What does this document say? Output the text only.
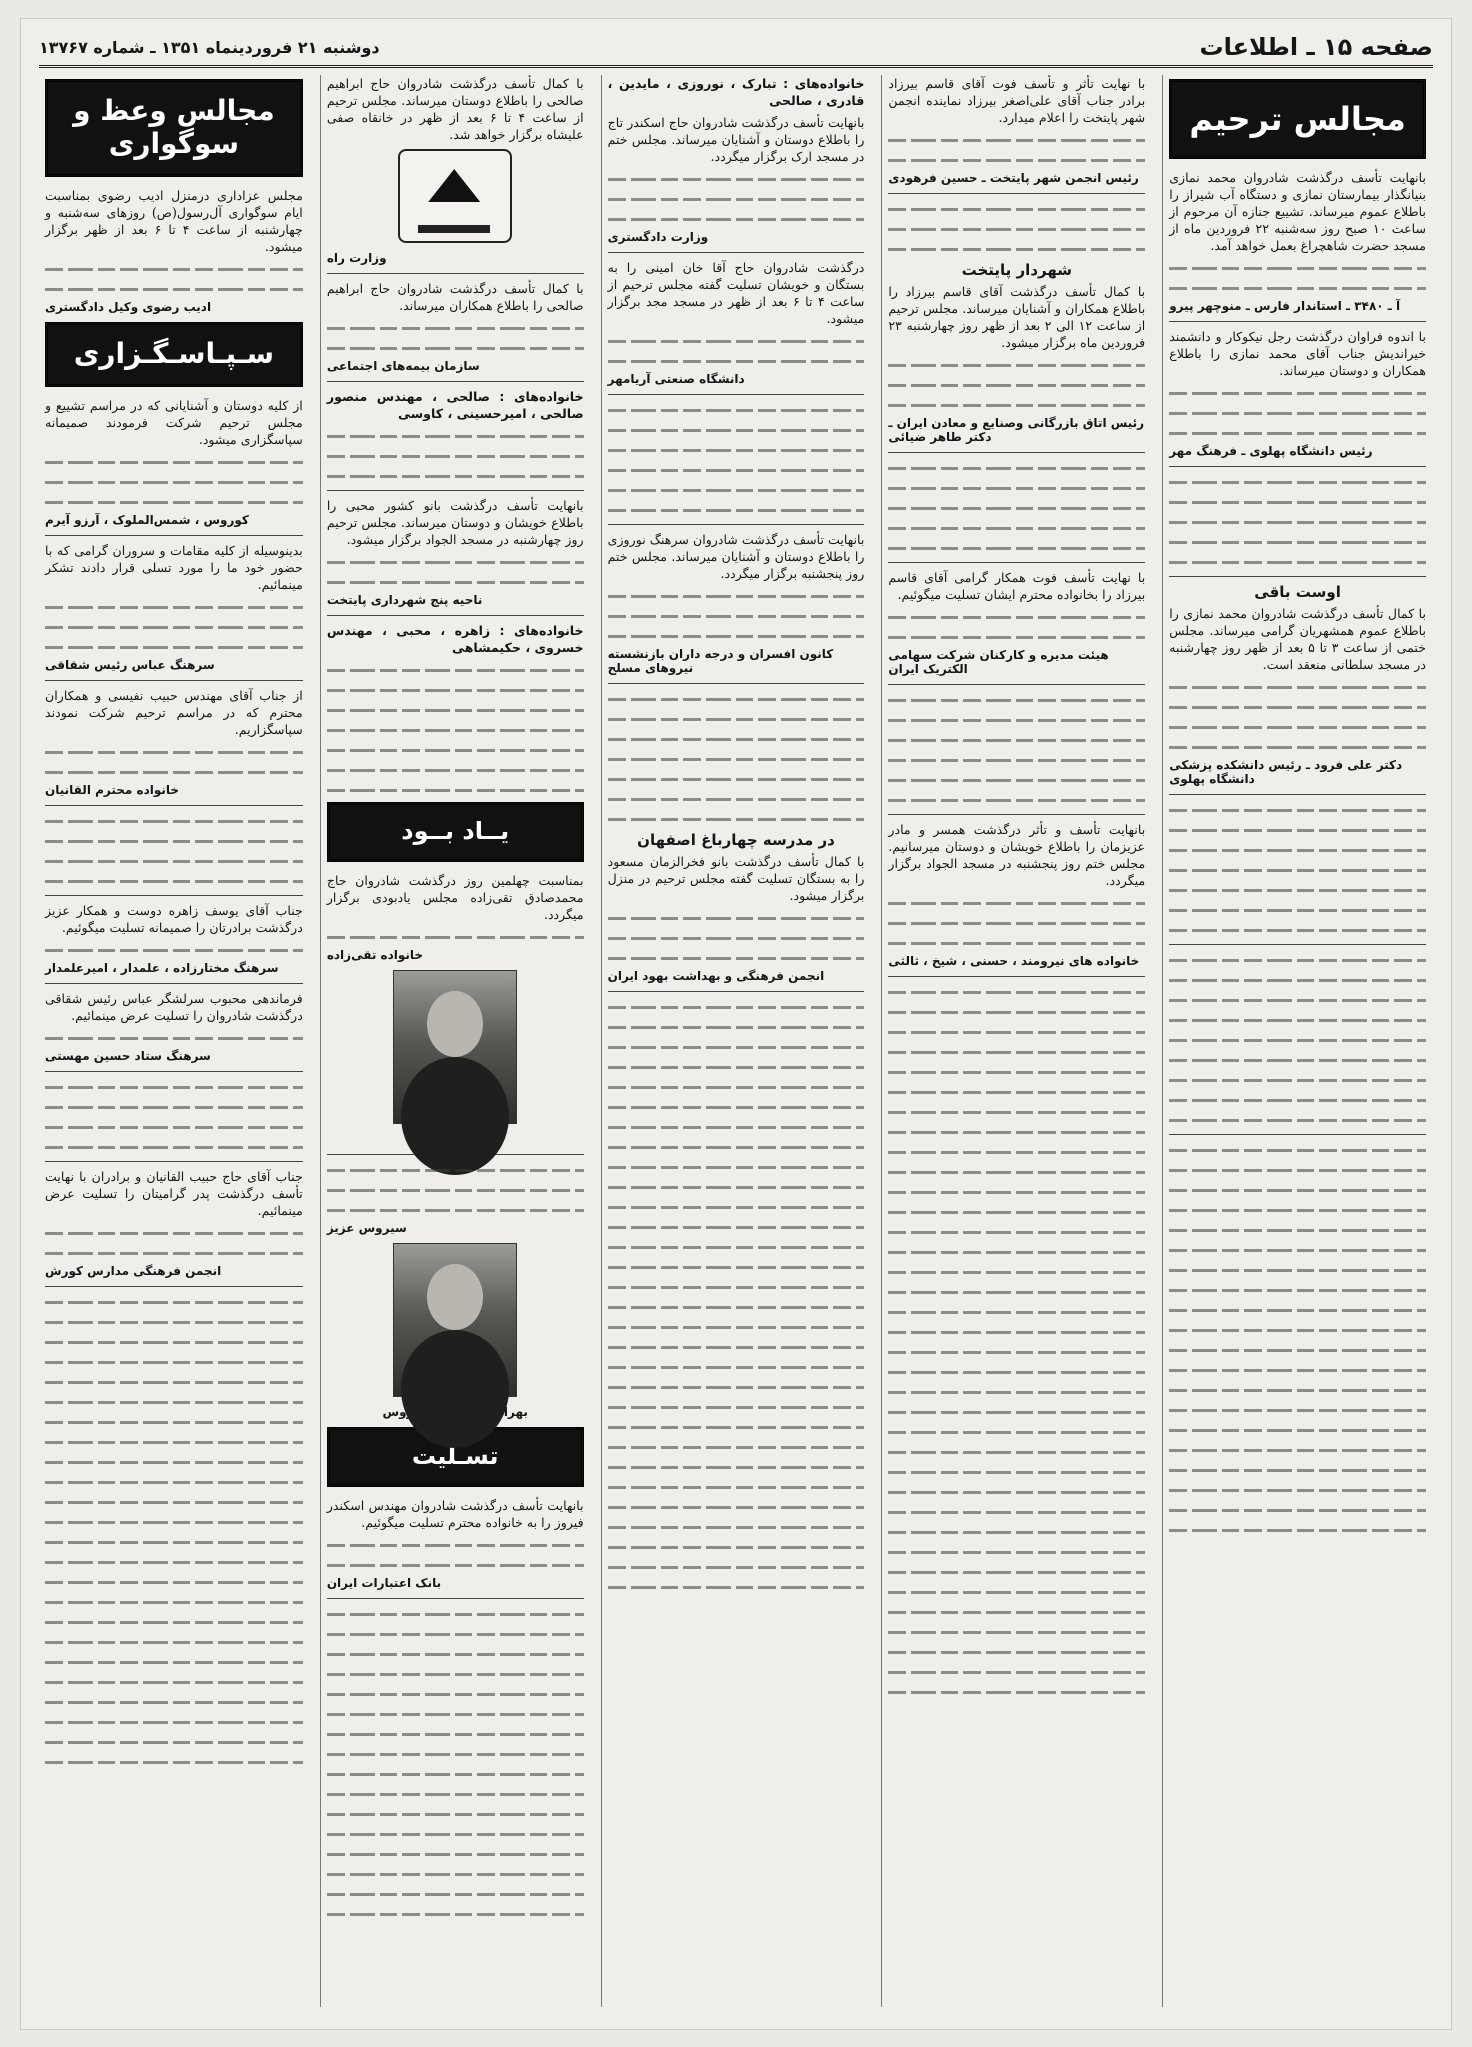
صفحه ۱۵ ـ اطلاعات
دوشنبه ۲۱ فروردینماه ۱۳۵۱ ـ شماره ۱۳۷۶۷
مجالس ترحیم

بانهایت تأسف درگذشت شادروان محمد نمازی بنیانگذار بیمارستان نمازی و دستگاه آب شیراز را باطلاع عموم میرساند. تشییع جنازه آن مرحوم از ساعت ۱۰ صبح روز سه‌شنبه ۲۲ فروردین ماه از مسجد حضرت شاهچراغ بعمل خواهد آمد.

آ ـ ۳۴۸۰ ـ استاندار فارس ـ منوچهر پیرو

با اندوه فراوان درگذشت رجل نیکوکار و دانشمند خیراندیش جناب آقای محمد نمازی را باطلاع همکاران و دوستان میرساند.

رئیس دانشگاه پهلوی ـ فرهنگ مهر
اوست باقی

با کمال تأسف درگذشت شادروان محمد نمازی را باطلاع عموم همشهریان گرامی میرساند. مجلس ختمی از ساعت ۳ تا ۵ بعد از ظهر روز چهارشنبه در مسجد سلطانی منعقد است.

دکتر علی فرود ـ رئیس دانشکده پزشکی دانشگاه پهلوی

با نهایت تأثر و تأسف فوت آقای قاسم بیرزاد برادر جناب آقای علی‌اصغر بیرزاد نماینده انجمن شهر پایتخت را اعلام میدارد.

رئیس انجمن شهر پایتخت ـ حسین فرهودی
شهردار پایتخت

با کمال تأسف درگذشت آقای قاسم بیرزاد را باطلاع همکاران و آشنایان میرساند. مجلس ترحیم از ساعت ۱۲ الی ۲ بعد از ظهر روز چهارشنبه ۲۳ فروردین ماه برگزار میشود.

رئیس اتاق بازرگانی وصنایع و معادن ایران ـ دکتر طاهر ضیائی

با نهایت تأسف فوت همکار گرامی آقای قاسم بیرزاد را بخانواده محترم ایشان تسلیت میگوئیم.

هیئت مدیره و کارکنان شرکت سهامی الکتریک ایران

بانهایت تأسف و تأثر درگذشت همسر و مادر عزیزمان را باطلاع خویشان و دوستان میرسانیم. مجلس ختم روز پنجشنبه در مسجد الجواد برگزار میگردد.

خانواده های نیرومند ، حسنی ، شیخ ، ثالثی

خانواده‌های : تبارک ، نوروزی ، مایدین ، قادری ، صالحی

بانهایت تأسف درگذشت شادروان حاج اسکندر تاج را باطلاع دوستان و آشنایان میرساند. مجلس ختم در مسجد ارک برگزار میگردد.

وزارت دادگستری

درگذشت شادروان حاج آقا خان امینی را به بستگان و خویشان تسلیت گفته مجلس ترحیم از ساعت ۴ تا ۶ بعد از ظهر در مسجد مجد برگزار میشود.

دانشگاه صنعتی آریامهر

بانهایت تأسف درگذشت شادروان سرهنگ نوروزی را باطلاع دوستان و آشنایان میرساند. مجلس ختم روز پنجشنبه برگزار میگردد.

کانون افسران و درجه داران بازنشسته نیروهای مسلح
در مدرسه چهارباغ اصفهان

با کمال تأسف درگذشت بانو فخرالزمان مسعود را به بستگان تسلیت گفته مجلس ترحیم در منزل برگزار میشود.

انجمن فرهنگی و بهداشت بهود ایران

با کمال تأسف درگذشت شادروان حاج ابراهیم صالحی را باطلاع دوستان میرساند. مجلس ترحیم از ساعت ۴ تا ۶ بعد از ظهر در خانقاه صفی علیشاه برگزار خواهد شد.

وزارت راه

با کمال تأسف درگذشت شادروان حاج ابراهیم صالحی را باطلاع همکاران میرساند.

سازمان بیمه‌های اجتماعی

خانواده‌های : صالحی ، مهندس منصور صالحی ، امیرحسینی ، کاوسی

بانهایت تأسف درگذشت بانو کشور محبی را باطلاع خویشان و دوستان میرساند. مجلس ترحیم روز چهارشنبه در مسجد الجواد برگزار میشود.

ناحیه پنج شهرداری پایتخت

خانواده‌های : زاهره ، محبی ، مهندس خسروی ، حکیمشاهی

یــاد بــود

بمناسبت چهلمین روز درگذشت شادروان حاج محمدصادق تقی‌زاده مجلس یادبودی برگزار میگردد.

خانواده تقی‌زاده
بهرام رمضانی
سیروس عزیز
بهرام رمضانی ، سیروس
تسـلیت

بانهایت تأسف درگذشت شادروان مهندس اسکندر فیروز را به خانواده محترم تسلیت میگوئیم.

بانک اعتبارات ایران
مجالس وعظ و سوگواری

مجلس عزاداری درمنزل ادیب رضوی بمناسبت ایام سوگواری آل‌رسول(ص) روزهای سه‌شنبه و چهارشنبه از ساعت ۴ تا ۶ بعد از ظهر برگزار میشود.

ادیب رضوی وکیل دادگستری
سـپـاسـگـزاری

از کلیه دوستان و آشنایانی که در مراسم تشییع و مجلس ترحیم شرکت فرمودند صمیمانه سپاسگزاری میشود.

کوروس ، شمس‌الملوک ، آرزو آیرم

بدینوسیله از کلیه مقامات و سروران گرامی که با حضور خود ما را مورد تسلی قرار دادند تشکر مینمائیم.

سرهنگ عباس رئیس شقاقی

از جناب آقای مهندس حبیب نفیسی و همکاران محترم که در مراسم ترحیم شرکت نمودند سپاسگزاریم.

خانواده محترم القانیان

جناب آقای یوسف زاهره دوست و همکار عزیز درگذشت برادرتان را صمیمانه تسلیت میگوئیم.

سرهنگ مختارزاده ، علمدار ، امیرعلمدار

فرماندهی محبوب سرلشگر عباس رئیس شقاقی درگذشت شادروان را تسلیت عرض مینمائیم.

سرهنگ ستاد حسین مهستی

جناب آقای حاج حبیب القانیان و برادران با نهایت تأسف درگذشت پدر گرامیتان را تسلیت عرض مینمائیم.

انجمن فرهنگی مدارس کورش
